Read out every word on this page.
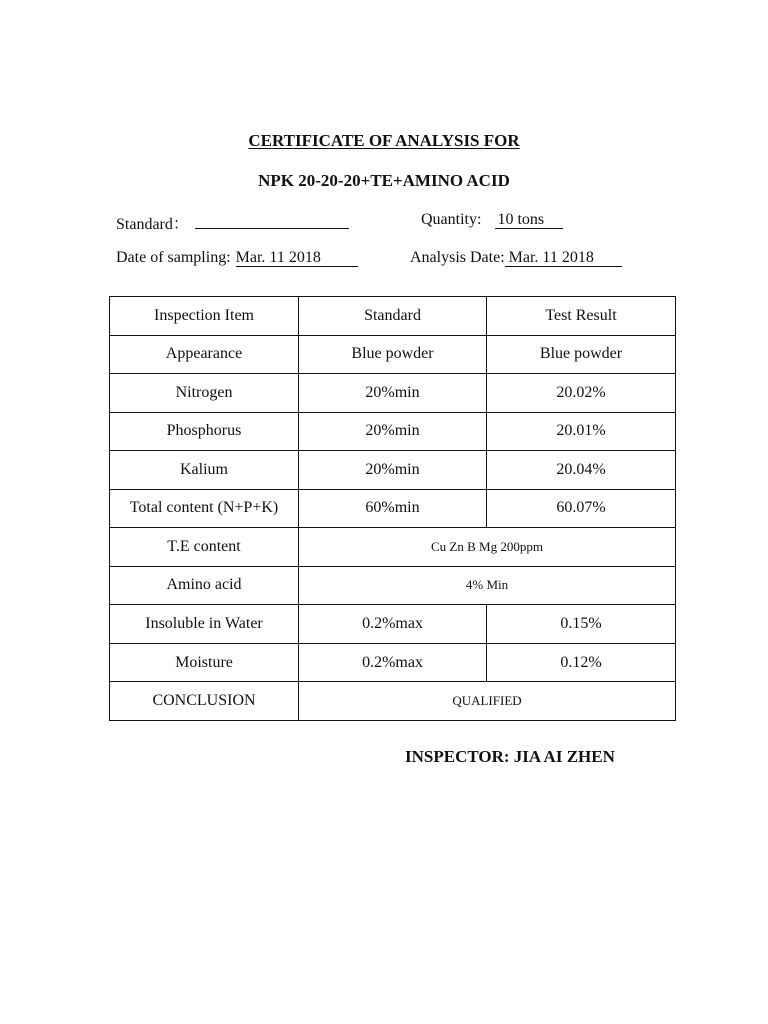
CERTIFICATE OF ANALYSIS FOR
NPK 20-20-20+TE+AMINO ACID
Standard：	Quantity: 10 tons
Date of sampling: Mar. 11 2018	Analysis Date: Mar. 11 2018
Inspection Item	Standard	Test Result
Appearance	Blue powder	Blue powder
Nitrogen	20%min	20.02%
Phosphorus	20%min	20.01%
Kalium	20%min	20.04%
Total content (N+P+K)	60%min	60.07%
T.E content	Cu Zn B Mg 200ppm	
Amino acid	4% Min	
Insoluble in Water	0.2%max	0.15%
Moisture	0.2%max	0.12%
CONCLUSION	QUALIFIED	
INSPECTOR: JIA AI ZHEN
